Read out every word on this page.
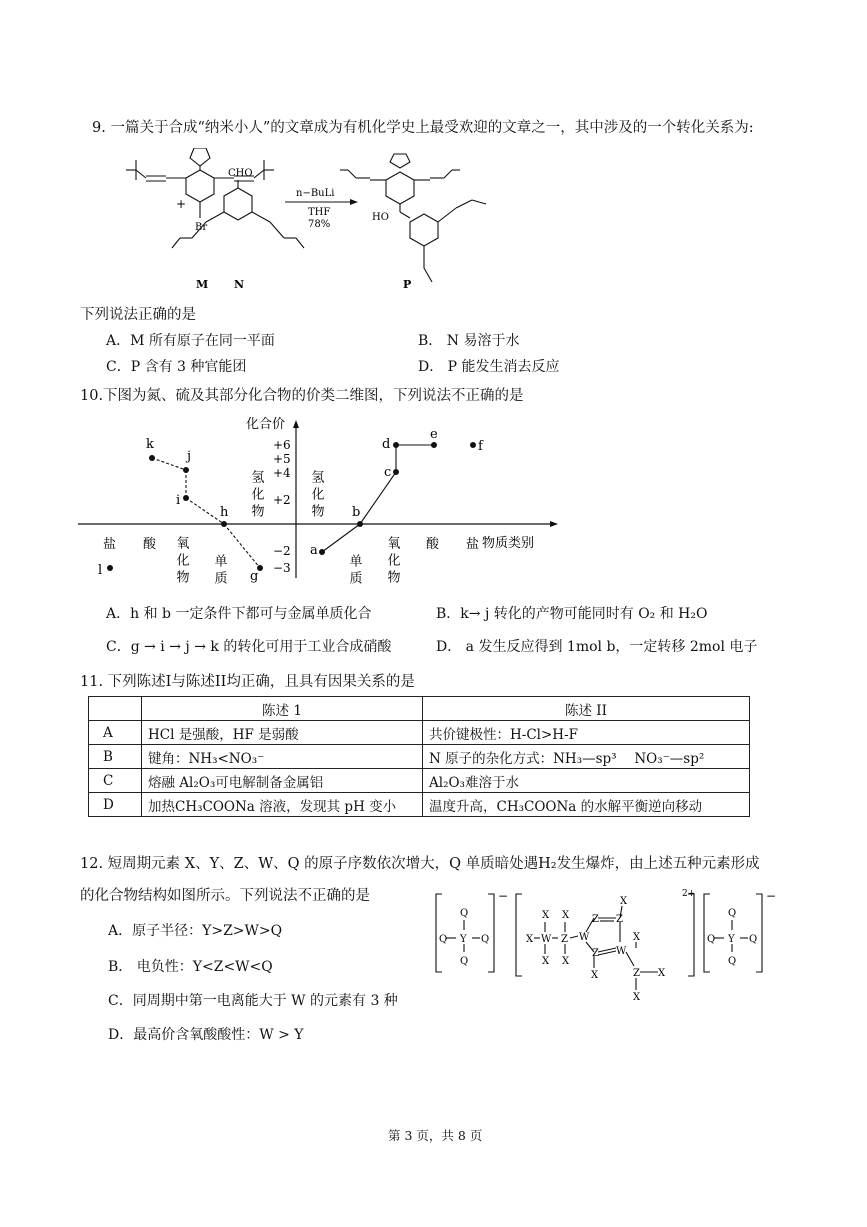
9. 一篇关于合成“纳米小人”的文章成为有机化学史上最受欢迎的文章之一，其中涉及的一个转化关系为:
Br
M
+
CHO
N
n−BuLi
THF
78%
HO
P
下列说法正确的是
A．M 所有原子在同一平面	B． N 易溶于水
C．P 含有 3 种官能团	D． P 能发生消去反应
10.下图为氮、硫及其部分化合物的价类二维图，下列说法不正确的是
化合价
物质类别
+6
+5
+4
+2
−2
−3
氢化物	氢化物
盐 酸 氧化物 单质	单质 氧化物 酸 盐
k
j
i
h
g
l
a
b
c
d
e
f
A．h 和 b 一定条件下都可与金属单质化合	B．k→ j 转化的产物可能同时有 O₂ 和 H₂O
C．g → i → j → k 的转化可用于工业合成硝酸	D． a 发生反应得到 1mol b，一定转移 2mol 电子
11. 下列陈述I与陈述II均正确，且具有因果关系的是
	陈述 1	陈述 II
A	HCl 是强酸，HF 是弱酸	共价键极性：H-Cl>H-F
B	键角：NH₃<NO₃⁻	N 原子的杂化方式：NH₃—sp³　 NO₃⁻—sp²
C	熔融 Al₂O₃可电解制备金属铝	Al₂O₃难溶于水
D	加热CH₃COONa 溶液，发现其 pH 变小	温度升高，CH₃COONa 的水解平衡逆向移动
12. 短周期元素 X、Y、Z、W、Q 的原子序数依次增大，Q 单质暗处遇H₂发生爆炸，由上述五种元素形成
的化合物结构如图所示。下列说法不正确的是
A．原子半径：Y>Z>W>Q
B． 电负性：Y<Z<W<Q
C．同周期中第一电离能大于 W 的元素有 3 种
D．最高价含氧酸酸性：W > Y
Q
Y
Q	Q
Q
Q
Y
Q	Q
Q
X W Z W
X
X
X
X
Z Z
X
Z W
X
X
Z X
X
−	2+	−
第 3 页，共 8 页
